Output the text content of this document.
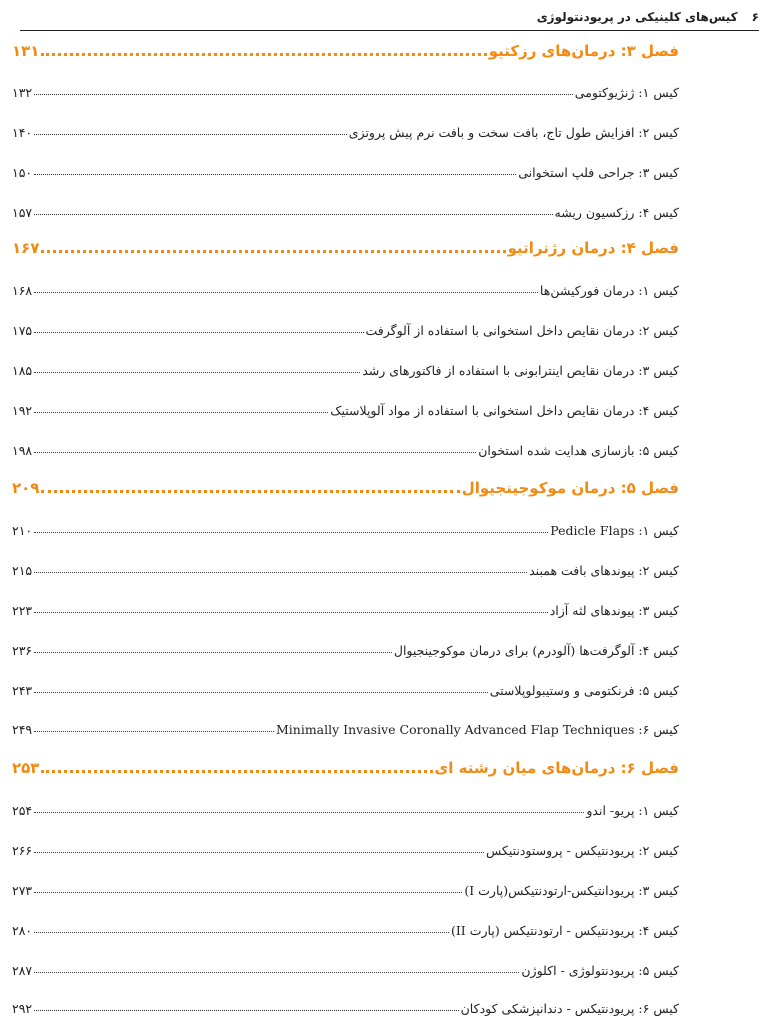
۶
کیس‌های کلینیکی در پریودنتولوژی
فصل ۳: درمان‌های رزکتیو
۱۳۱
کیس ۱: ژنژیوکتومی
۱۳۲
کیس ۲: افزایش طول تاج، بافت سخت و بافت نرم پیش پروتزی
۱۴۰
کیس ۳: جراحی فلپ استخوانی
۱۵۰
کیس ۴: رزکسیون ریشه
۱۵۷
فصل ۴: درمان رژنراتیو
۱۶۷
کیس ۱: درمان فورکیشن‌ها
۱۶۸
کیس ۲: درمان نقایص داخل استخوانی با استفاده از آلوگرفت
۱۷۵
کیس ۳: درمان نقایص اینترابونی با استفاده از فاکتورهای رشد
۱۸۵
کیس ۴: درمان نقایص داخل استخوانی با استفاده از مواد آلوپلاستیک
۱۹۲
کیس ۵: بازسازی هدایت شده استخوان
۱۹۸
فصل ۵: درمان موکوجینجیوال
۲۰۹
کیس ۱: Pedicle Flaps
۲۱۰
کیس ۲: پیوندهای بافت همبند
۲۱۵
کیس ۳: پیوندهای لثه آزاد
۲۲۳
کیس ۴: آلوگرفت‌ها (آلودرم) برای درمان موکوجینجیوال
۲۳۶
کیس ۵: فرنکتومی و وستیبولوپلاستی
۲۴۳
کیس ۶: Minimally Invasive Coronally Advanced Flap Techniques
۲۴۹
فصل ۶: درمان‌های میان رشته ای
۲۵۳
کیس ۱: پریو- اندو
۲۵۴
کیس ۲: پریودنتیکس - پروستودنتیکس
۲۶۶
کیس ۳: پریودانتیکس-ارتودنتیکس(پارت I)
۲۷۳
کیس ۴: پریودنتیکس - ارتودنتیکس (پارت II)
۲۸۰
کیس ۵: پریودنتولوژی - اکلوژن
۲۸۷
کیس ۶: پریودنتیکس - دندانپزشکی کودکان
۲۹۲
